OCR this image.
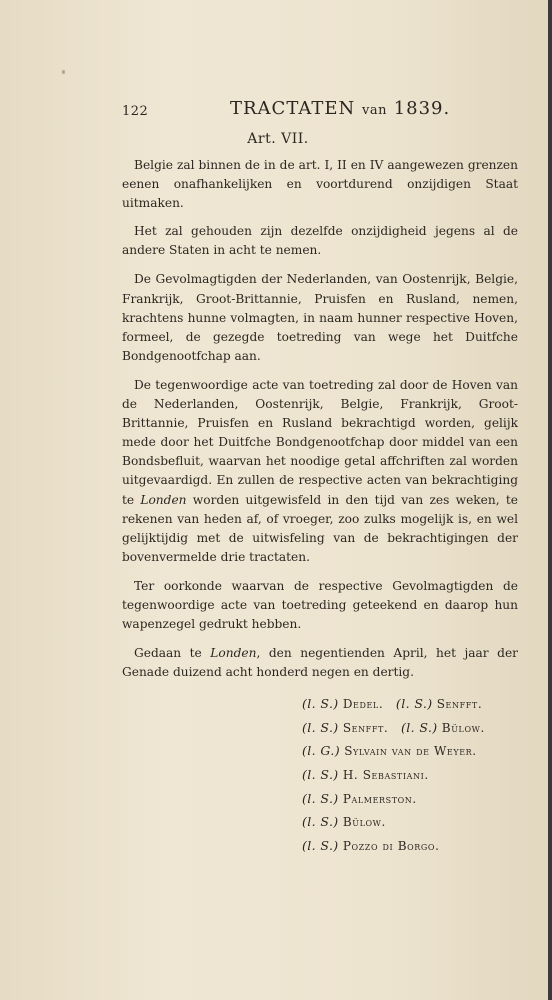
122	TRACTATEN van 1839.
Art. VII.

Belgie zal binnen de in de art. I, II en IV aangewezen grenzen eenen onafhankelijken en voortdurend onzijdigen Staat uitmaken.

Het zal gehouden zijn dezelfde onzijdigheid jegens al de andere Staten in acht te nemen.

De Gevolmagtigden der Nederlanden, van Oostenrijk, Belgie, Frankrijk, Groot-Brittannie, Pruisfen en Rusland, nemen, krachtens hunne volmagten, in naam hunner respective Hoven, formeel, de gezegde toetreding van wege het Duitfche Bondgenootfchap aan.

De tegenwoordige acte van toetreding zal door de Hoven van de Nederlanden, Oostenrijk, Belgie, Frankrijk, Groot-Brittannie, Pruisfen en Rusland bekrachtigd worden, gelijk mede door het Duitfche Bondgenootfchap door middel van een Bondsbefluit, waarvan het noodige getal affchriften zal worden uitgevaardigd. En zullen de respective acten van bekrachtiging te Londen worden uitgewisfeld in den tijd van zes weken, te rekenen van heden af, of vroeger, zoo zulks mogelijk is, en wel gelijktijdig met de uitwisfeling van de bekrachtigingen der bovenvermelde drie tractaten.

Ter oorkonde waarvan de respective Gevolmagtigden de tegenwoordige acte van toetreding geteekend en daarop hun wapenzegel gedrukt hebben.

Gedaan te Londen, den negentienden April, het jaar der Genade duizend acht honderd negen en dertig.

(l. S.) Dedel. (l. S.) Senfft.
(l. S.) Senfft. (l. S.) Bülow.
(l. G.) Sylvain van de Weyer.
(l. S.) H. Sebastiani.
(l. S.) Palmerston.
(l. S.) Bülow.
(l. S.) Pozzo di Borgo.
